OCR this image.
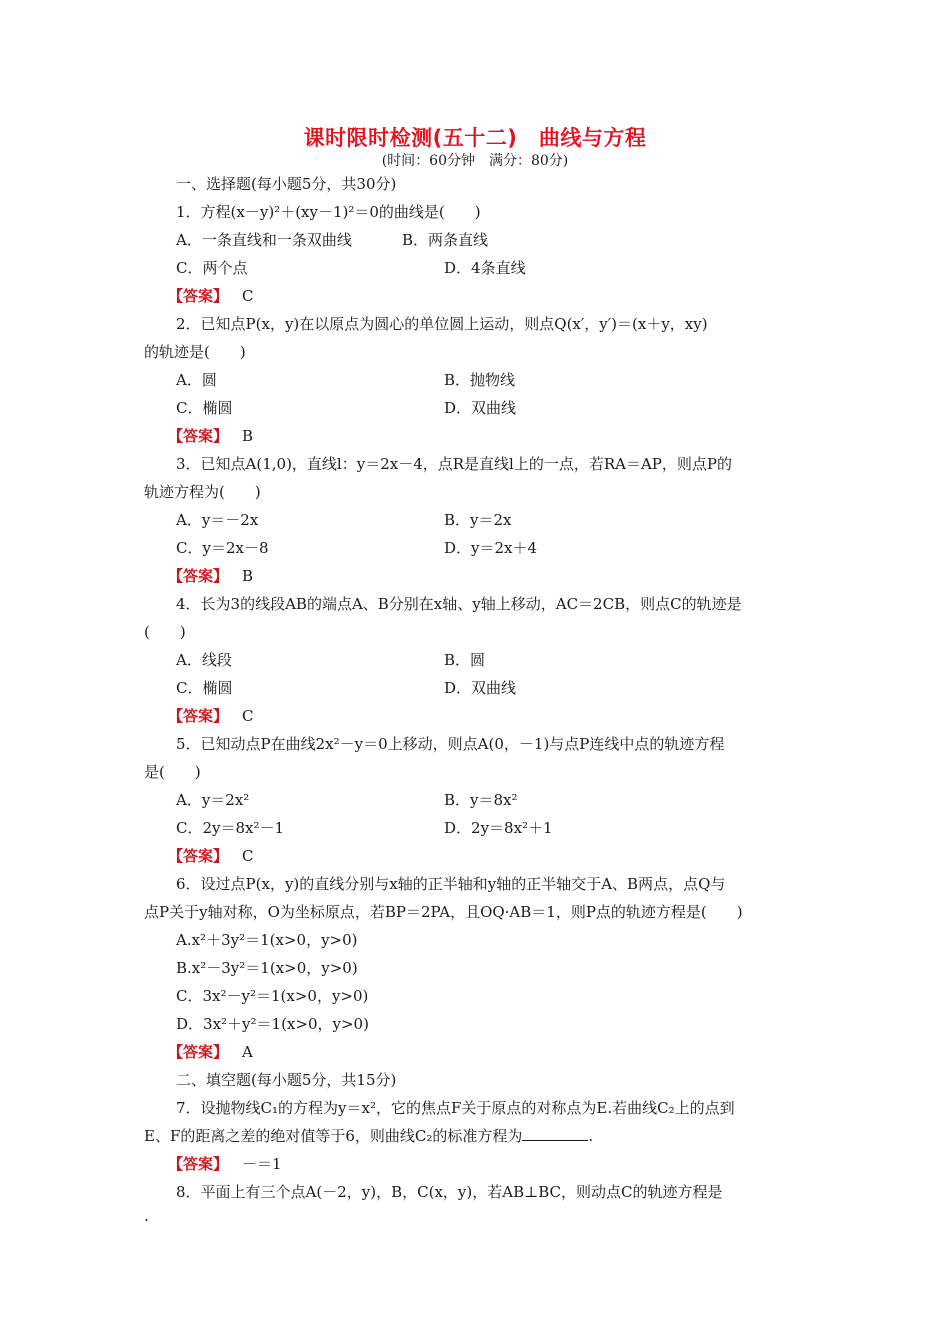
课时限时检测(五十二)　曲线与方程
(时间：60分钟　满分：80分)
一、选择题(每小题5分，共30分)
1．方程(x－y)²＋(xy－1)²＝0的曲线是(　　)
A．一条直线和一条双曲线	B．两条直线
C．两个点	D．4条直线
【答案】 C
2．已知点P(x，y)在以原点为圆心的单位圆上运动，则点Q(x′，y′)＝(x＋y，xy)
的轨迹是(　　)
A．圆	B．抛物线
C．椭圆	D．双曲线
【答案】 B
3．已知点A(1,0)，直线l：y＝2x－4，点R是直线l上的一点，若RA＝AP，则点P的
轨迹方程为(　　)
A．y＝－2x	B．y＝2x
C．y＝2x－8	D．y＝2x＋4
【答案】 B
4．长为3的线段AB的端点A、B分别在x轴、y轴上移动，AC＝2CB，则点C的轨迹是
(　　)
A．线段	B．圆
C．椭圆	D．双曲线
【答案】 C
5．已知动点P在曲线2x²－y＝0上移动，则点A(0，－1)与点P连线中点的轨迹方程
是(　　)
A．y＝2x²	B．y＝8x²
C．2y＝8x²－1	D．2y＝8x²＋1
【答案】 C
6．设过点P(x，y)的直线分别与x轴的正半轴和y轴的正半轴交于A、B两点，点Q与
点P关于y轴对称，O为坐标原点，若BP＝2PA，且OQ·AB＝1，则P点的轨迹方程是(　　)
A.x²＋3y²＝1(x>0，y>0)
B.x²－3y²＝1(x>0，y>0)
C．3x²－y²＝1(x>0，y>0)
D．3x²＋y²＝1(x>0，y>0)
【答案】 A
二、填空题(每小题5分，共15分)
7．设抛物线C₁的方程为y＝x²，它的焦点F关于原点的对称点为E.若曲线C₂上的点到
E、F的距离之差的绝对值等于6，则曲线C₂的标准方程为	.
【答案】 －＝1
8．平面上有三个点A(－2，y)，B，C(x，y)，若AB⊥BC，则动点C的轨迹方程是
.
